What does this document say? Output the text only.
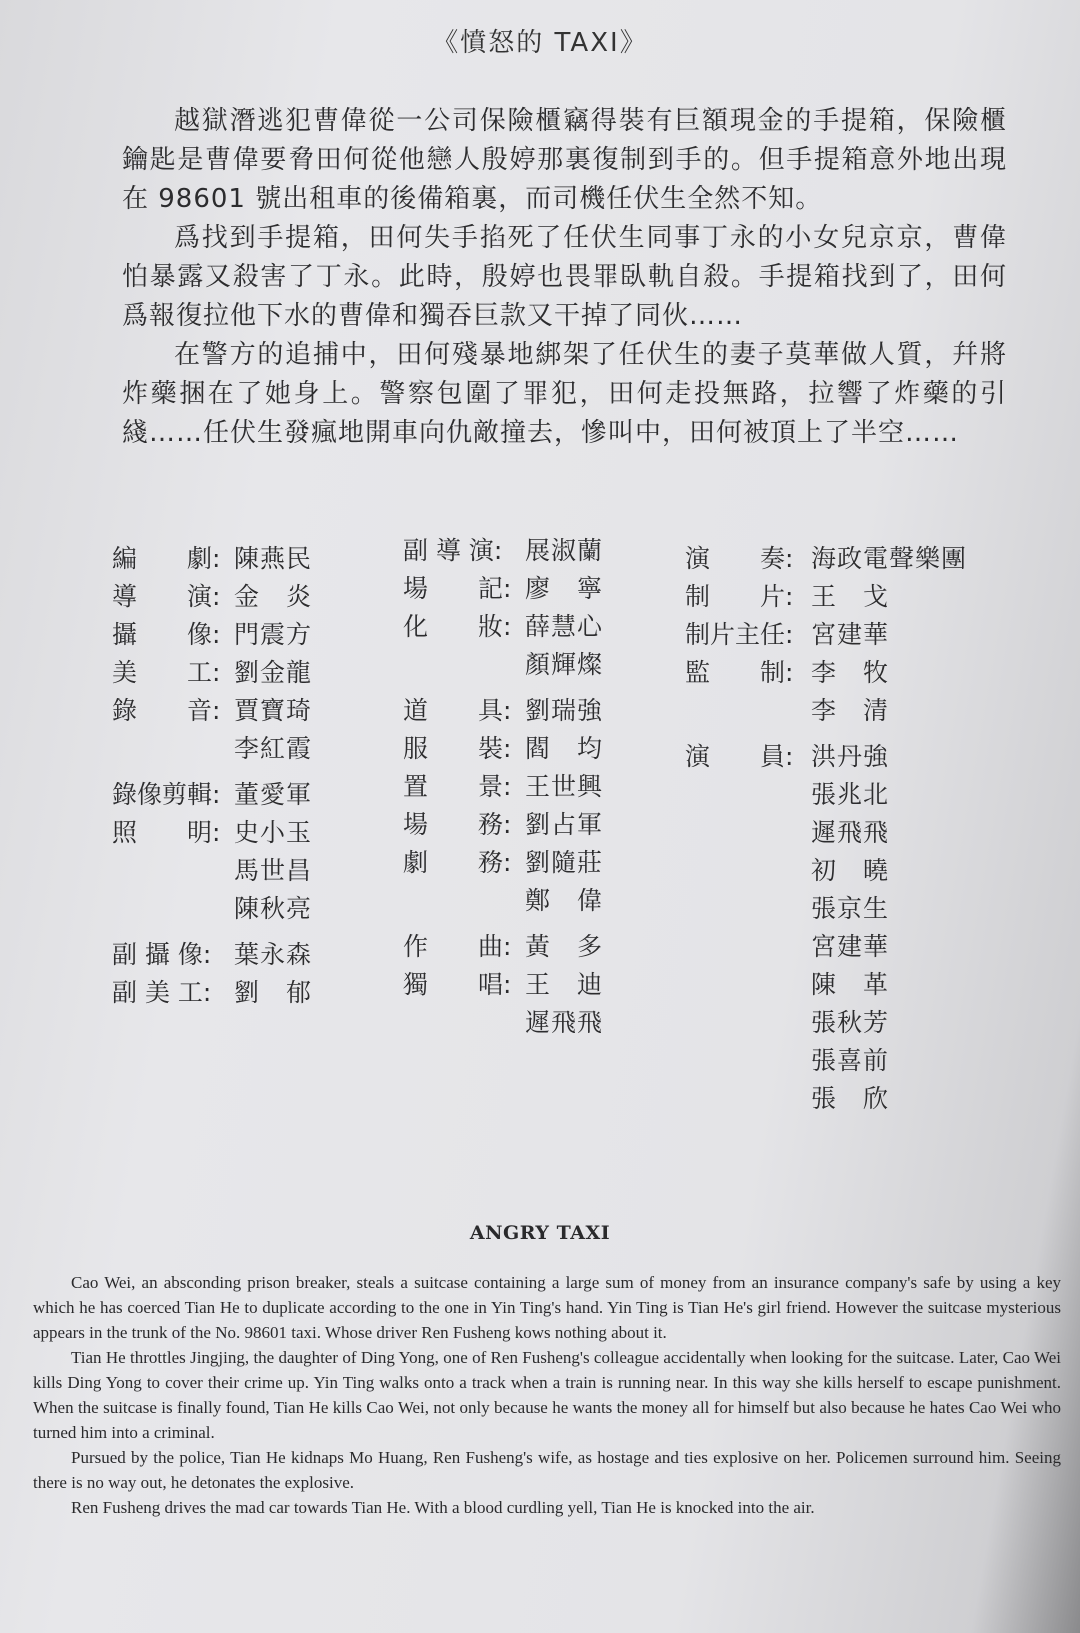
《憤怒的 TAXI》

越獄潛逃犯曹偉從一公司保險櫃竊得裝有巨額現金的手提箱，保險櫃鑰匙是曹偉要脅田何從他戀人殷婷那裏復制到手的。但手提箱意外地出現在 98601 號出租車的後備箱裏，而司機任伏生全然不知。

爲找到手提箱，田何失手掐死了任伏生同事丁永的小女兒京京，曹偉怕暴露又殺害了丁永。此時，殷婷也畏罪臥軌自殺。手提箱找到了，田何爲報復拉他下水的曹偉和獨吞巨款又干掉了同伙……

在警方的追捕中，田何殘暴地綁架了任伏生的妻子莫華做人質，幷將炸藥捆在了她身上。警察包圍了罪犯，田何走投無路，拉響了炸藥的引綫……任伏生發瘋地開車向仇敵撞去，慘叫中，田何被頂上了半空……

編　　劇: 陳燕民
導　　演: 金　炎
攝　　像: 門震方
美　　工: 劉金龍
錄　　音: 賈寶琦
李紅霞
錄像剪輯: 董愛軍
照　　明: 史小玉
馬世昌
陳秋亮
副 攝 像: 葉永森
副 美 工: 劉　郁
副 導 演: 展淑蘭
場　　記: 廖　寧
化　　妝: 薛慧心
顏輝燦
道　　具: 劉瑞強
服　　裝: 閻　均
置　　景: 王世興
場　　務: 劉占軍
劇　　務: 劉隨莊
鄭　偉
作　　曲: 黃　多
獨　　唱: 王　迪
遲飛飛
演　　奏: 海政電聲樂團
制　　片: 王　戈
制片主任: 宮建華
監　　制: 李　牧
李　清
演　　員: 洪丹強
張兆北
遲飛飛
初　曉
張京生
宮建華
陳　革
張秋芳
張喜前
張　欣
ANGRY TAXI

Cao Wei, an absconding prison breaker, steals a suitcase containing a large sum of money from an insurance company's safe by using a key which he has coerced Tian He to duplicate according to the one in Yin Ting's hand. Yin Ting is Tian He's girl friend. However the suitcase mysterious appears in the trunk of the No. 98601 taxi. Whose driver Ren Fusheng kows nothing about it.

Tian He throttles Jingjing, the daughter of Ding Yong, one of Ren Fusheng's colleague accidentally when looking for the suitcase. Later, Cao Wei kills Ding Yong to cover their crime up. Yin Ting walks onto a track when a train is running near. In this way she kills herself to escape punishment. When the suitcase is finally found, Tian He kills Cao Wei, not only because he wants the money all for himself but also because he hates Cao Wei who turned him into a criminal.

Pursued by the police, Tian He kidnaps Mo Huang, Ren Fusheng's wife, as hostage and ties explosive on her. Policemen surround him. Seeing there is no way out, he detonates the explosive.

Ren Fusheng drives the mad car towards Tian He. With a blood curdling yell, Tian He is knocked into the air.
